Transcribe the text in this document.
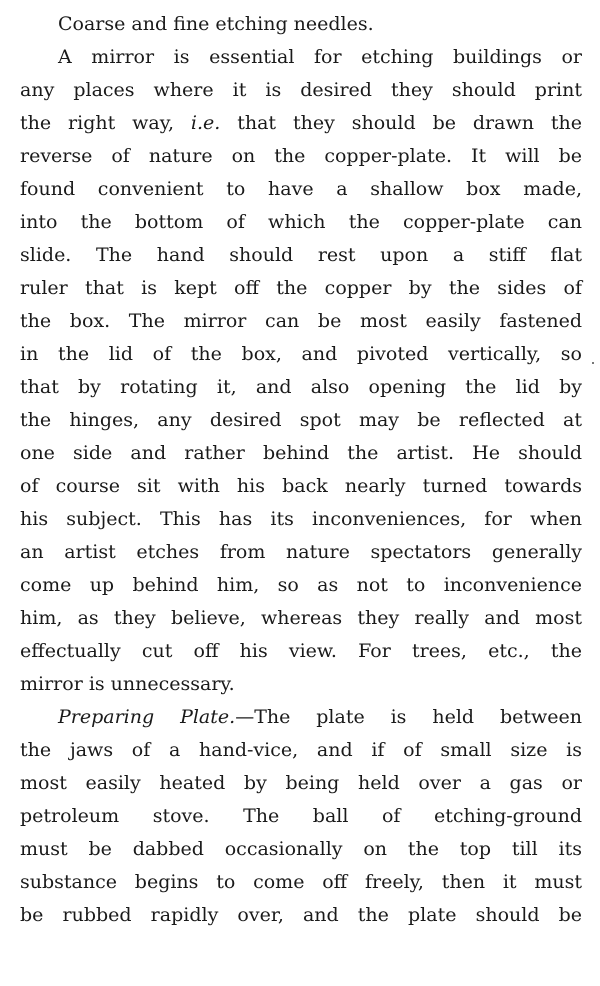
Coarse and fine etching needles.
A mirror is essential for etching buildings or
any places where it is desired they should print
the right way, i.e. that they should be drawn the
reverse of nature on the copper-plate. It will be
found convenient to have a shallow box made,
into the bottom of which the copper-plate can
slide. The hand should rest upon a stiff flat
ruler that is kept off the copper by the sides of
the box. The mirror can be most easily fastened
in the lid of the box, and pivoted vertically, so
that by rotating it, and also opening the lid by
the hinges, any desired spot may be reflected at
one side and rather behind the artist. He should
of course sit with his back nearly turned towards
his subject. This has its inconveniences, for when
an artist etches from nature spectators generally
come up behind him, so as not to inconvenience
him, as they believe, whereas they really and most
effectually cut off his view. For trees, etc., the
mirror is unnecessary.
Preparing Plate.—The plate is held between
the jaws of a hand-vice, and if of small size is
most easily heated by being held over a gas or
petroleum stove. The ball of etching-ground
must be dabbed occasionally on the top till its
substance begins to come off freely, then it must
be rubbed rapidly over, and the plate should be
